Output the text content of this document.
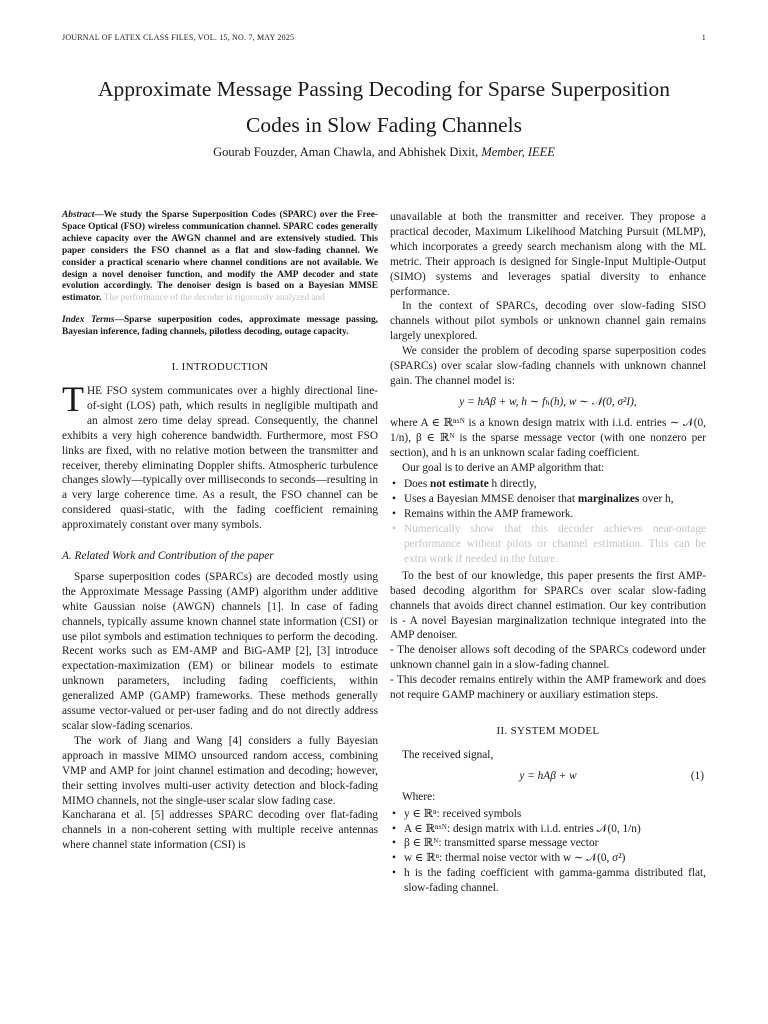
JOURNAL OF LATEX CLASS FILES, VOL. 15, NO. 7, MAY 2025	1
Approximate Message Passing Decoding for Sparse Superposition
Codes in Slow Fading Channels
Gourab Fouzder, Aman Chawla, and Abhishek Dixit, Member, IEEE
Abstract—We study the Sparse Superposition Codes (SPARC) over the Free-Space Optical (FSO) wireless communication channel. SPARC codes generally achieve capacity over the AWGN channel and are extensively studied. This paper considers the FSO channel as a flat and slow-fading channel. We consider a practical scenario where channel conditions are not available. We design a novel denoiser function, and modify the AMP decoder and state evolution accordingly. The denoiser design is based on a Bayesian MMSE estimator. The performance of the decoder is rigorously analyzed and
Index Terms—Sparse superposition codes, approximate message passing, Bayesian inference, fading channels, pilotless decoding, outage capacity.
I. INTRODUCTION

THE FSO system communicates over a highly directional line-of-sight (LOS) path, which results in negligible multipath and an almost zero time delay spread. Consequently, the channel exhibits a very high coherence bandwidth. Furthermore, most FSO links are fixed, with no relative motion between the transmitter and receiver, thereby eliminating Doppler shifts. Atmospheric turbulence changes slowly—typically over milliseconds to seconds—resulting in a very large coherence time. As a result, the FSO channel can be considered quasi-static, with the fading coefficient remaining approximately constant over many symbols.

A. Related Work and Contribution of the paper

Sparse superposition codes (SPARCs) are decoded mostly using the Approximate Message Passing (AMP) algorithm under additive white Gaussian noise (AWGN) channels [1]. In case of fading channels, typically assume known channel state information (CSI) or use pilot symbols and estimation techniques to perform the decoding. Recent works such as EM-AMP and BiG-AMP [2], [3] introduce expectation-maximization (EM) or bilinear models to estimate unknown parameters, including fading coefficients, within generalized AMP (GAMP) frameworks. These methods generally assume vector-valued or per-user fading and do not directly address scalar slow-fading scenarios.

The work of Jiang and Wang [4] considers a fully Bayesian approach in massive MIMO unsourced random access, combining VMP and AMP for joint channel estimation and decoding; however, their setting involves multi-user activity detection and block-fading MIMO channels, not the single-user scalar slow fading case.

Kancharana et al. [5] addresses SPARC decoding over flat-fading channels in a non-coherent setting with multiple receive antennas where channel state information (CSI) is

unavailable at both the transmitter and receiver. They propose a practical decoder, Maximum Likelihood Matching Pursuit (MLMP), which incorporates a greedy search mechanism along with the ML metric. Their approach is designed for Single-Input Multiple-Output (SIMO) systems and leverages spatial diversity to enhance performance.

In the context of SPARCs, decoding over slow-fading SISO channels without pilot symbols or unknown channel gain remains largely unexplored.

We consider the problem of decoding sparse superposition codes (SPARCs) over scalar slow-fading channels with unknown channel gain. The channel model is:

y = hAβ + w, h ∼ fₕ(h), w ∼ 𝒩(0, σ²I),

where A ∈ ℝⁿˣᴺ is a known design matrix with i.i.d. entries ∼ 𝒩(0, 1/n), β ∈ ℝᴺ is the sparse message vector (with one nonzero per section), and h is an unknown scalar fading coefficient.

Our goal is to derive an AMP algorithm that:

• Does not estimate h directly,
• Uses a Bayesian MMSE denoiser that marginalizes over h,
• Remains within the AMP framework.
• Numerically show that this decoder achieves near-outage performance without pilots or channel estimation. This can be extra work if needed in the future.

To the best of our knowledge, this paper presents the first AMP-based decoding algorithm for SPARCs over scalar slow-fading channels that avoids direct channel estimation. Our key contribution is - A novel Bayesian marginalization technique integrated into the AMP denoiser.

- The denoiser allows soft decoding of the SPARCs codeword under unknown channel gain in a slow-fading channel.

- This decoder remains entirely within the AMP framework and does not require GAMP machinery or auxiliary estimation steps.

II. SYSTEM MODEL

The received signal,

y = hAβ + w	(1)

Where:

• y ∈ ℝⁿ: received symbols
• A ∈ ℝⁿˣᴺ: design matrix with i.i.d. entries 𝒩(0, 1/n)
• β ∈ ℝᴺ: transmitted sparse message vector
• w ∈ ℝⁿ: thermal noise vector with w ∼ 𝒩(0, σ²)
• h is the fading coefficient with gamma-gamma distributed flat, slow-fading channel.
